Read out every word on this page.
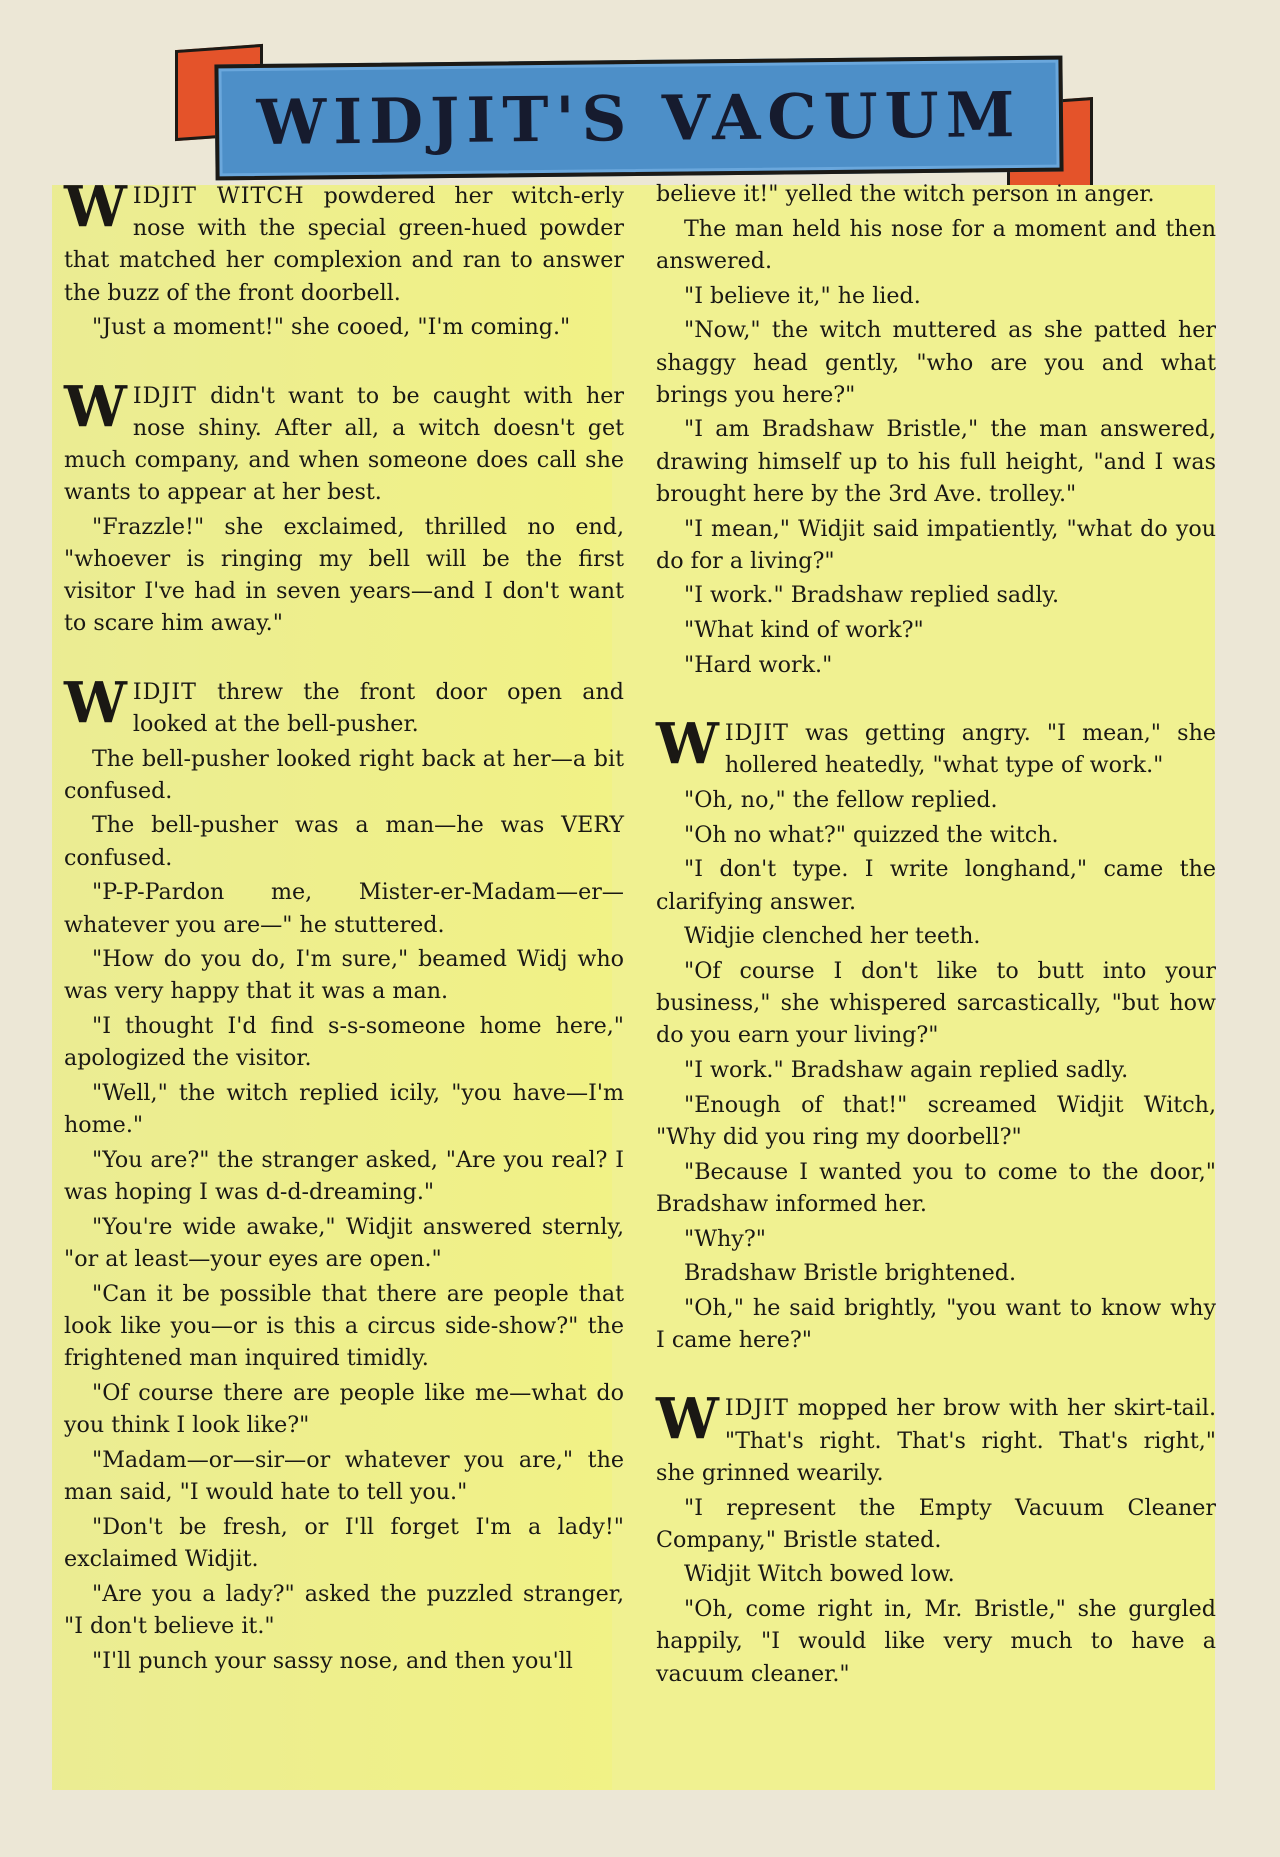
WIDJIT'S VACUUM

WIDJIT WITCH powdered her witch-erly nose with the special green-hued powder that matched her complexion and ran to answer the buzz of the front doorbell.

"Just a moment!" she cooed, "I'm coming."

WIDJIT didn't want to be caught with her nose shiny. After all, a witch doesn't get much company, and when someone does call she wants to appear at her best.

"Frazzle!" she exclaimed, thrilled no end, "whoever is ringing my bell will be the first visitor I've had in seven years—and I don't want to scare him away."

WIDJIT threw the front door open and looked at the bell-pusher.

The bell-pusher looked right back at her—a bit confused.

The bell-pusher was a man—he was VERY confused.

"P-P-Pardon me, Mister-er-Madam—er—whatever you are—" he stuttered.

"How do you do, I'm sure," beamed Widj who was very happy that it was a man.

"I thought I'd find s-s-someone home here," apologized the visitor.

"Well," the witch replied icily, "you have—I'm home."

"You are?" the stranger asked, "Are you real? I was hoping I was d-d-dreaming."

"You're wide awake," Widjit answered sternly, "or at least—your eyes are open."

"Can it be possible that there are people that look like you—or is this a circus side-show?" the frightened man inquired timidly.

"Of course there are people like me—what do you think I look like?"

"Madam—or—sir—or whatever you are," the man said, "I would hate to tell you."

"Don't be fresh, or I'll forget I'm a lady!" exclaimed Widjit.

"Are you a lady?" asked the puzzled stranger, "I don't believe it."

"I'll punch your sassy nose, and then you'll

believe it!" yelled the witch person in anger.

The man held his nose for a moment and then answered.

"I believe it," he lied.

"Now," the witch muttered as she patted her shaggy head gently, "who are you and what brings you here?"

"I am Bradshaw Bristle," the man answered, drawing himself up to his full height, "and I was brought here by the 3rd Ave. trolley."

"I mean," Widjit said impatiently, "what do you do for a living?"

"I work." Bradshaw replied sadly.

"What kind of work?"

"Hard work."

WIDJIT was getting angry. "I mean," she hollered heatedly, "what type of work."

"Oh, no," the fellow replied.

"Oh no what?" quizzed the witch.

"I don't type. I write longhand," came the clarifying answer.

Widjie clenched her teeth.

"Of course I don't like to butt into your business," she whispered sarcastically, "but how do you earn your living?"

"I work." Bradshaw again replied sadly.

"Enough of that!" screamed Widjit Witch, "Why did you ring my doorbell?"

"Because I wanted you to come to the door," Bradshaw informed her.

"Why?"

Bradshaw Bristle brightened.

"Oh," he said brightly, "you want to know why I came here?"

WIDJIT mopped her brow with her skirt-tail. "That's right. That's right. That's right," she grinned wearily.

"I represent the Empty Vacuum Cleaner Company," Bristle stated.

Widjit Witch bowed low.

"Oh, come right in, Mr. Bristle," she gurgled happily, "I would like very much to have a vacuum cleaner."
